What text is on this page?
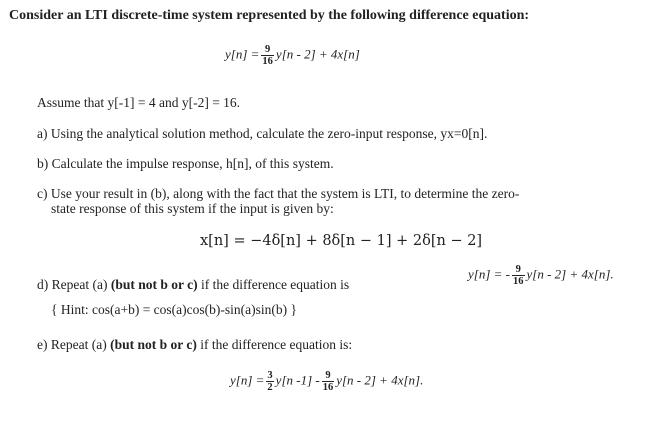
Consider an LTI discrete-time system represented by the following difference equation:
$y[n] = \frac{9}{16} y[n - 2] + 4x[n]$
Assume that y[-1] = 4 and y[-2] = 16.
a) Using the analytical solution method, calculate the zero-input response, yx=0[n].
b) Calculate the impulse response, h[n], of this system.
c) Use your result in (b), along with the fact that the system is LTI, to determine the zero-
state response of this system if the input is given by:
x[n] = −4δ[n] + 8δ[n − 1] + 2δ[n − 2]
d) Repeat (a) (but not b or c) if the difference equation is
y[n] = - $\frac{9}{16} y[n - 2] + 4x[n]$.
{ Hint: cos(a+b) = cos(a)cos(b)-sin(a)sin(b) }
e) Repeat (a) (but not b or c) if the difference equation is:
$y[n] = \frac{3}{2} y[n$ $-1] - \frac{9}{16} y[n - 2] + 4x[n]$.
